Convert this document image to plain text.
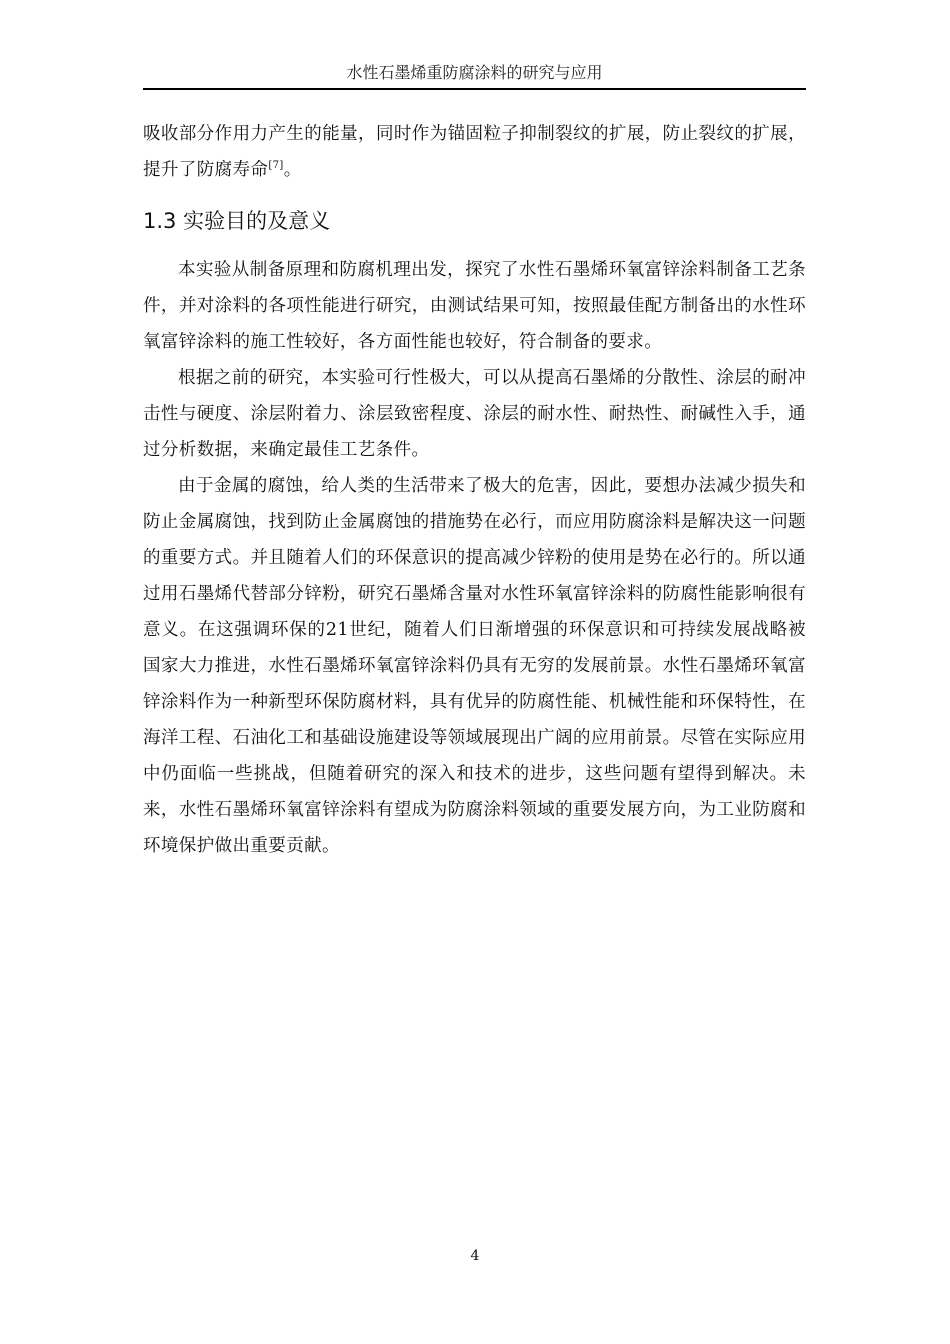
水性石墨烯重防腐涂料的研究与应用

吸收部分作用力产生的能量，同时作为锚固粒子抑制裂纹的扩展，防止裂纹的扩展，提升了防腐寿命[7]。

1.3 实验目的及意义

本实验从制备原理和防腐机理出发，探究了水性石墨烯环氧富锌涂料制备工艺条件，并对涂料的各项性能进行研究，由测试结果可知，按照最佳配方制备出的水性环氧富锌涂料的施工性较好，各方面性能也较好，符合制备的要求。

根据之前的研究，本实验可行性极大，可以从提高石墨烯的分散性、涂层的耐冲击性与硬度、涂层附着力、涂层致密程度、涂层的耐水性、耐热性、耐碱性入手，通过分析数据，来确定最佳工艺条件。

由于金属的腐蚀，给人类的生活带来了极大的危害，因此，要想办法减少损失和防止金属腐蚀，找到防止金属腐蚀的措施势在必行，而应用防腐涂料是解决这一问题的重要方式。并且随着人们的环保意识的提高减少锌粉的使用是势在必行的。所以通过用石墨烯代替部分锌粉，研究石墨烯含量对水性环氧富锌涂料的防腐性能影响很有意义。在这强调环保的21世纪，随着人们日渐增强的环保意识和可持续发展战略被国家大力推进，水性石墨烯环氧富锌涂料仍具有无穷的发展前景。水性石墨烯环氧富锌涂料作为一种新型环保防腐材料，具有优异的防腐性能、机械性能和环保特性，在海洋工程、石油化工和基础设施建设等领域展现出广阔的应用前景。尽管在实际应用中仍面临一些挑战，但随着研究的深入和技术的进步，这些问题有望得到解决。未来，水性石墨烯环氧富锌涂料有望成为防腐涂料领域的重要发展方向，为工业防腐和环境保护做出重要贡献。

4
